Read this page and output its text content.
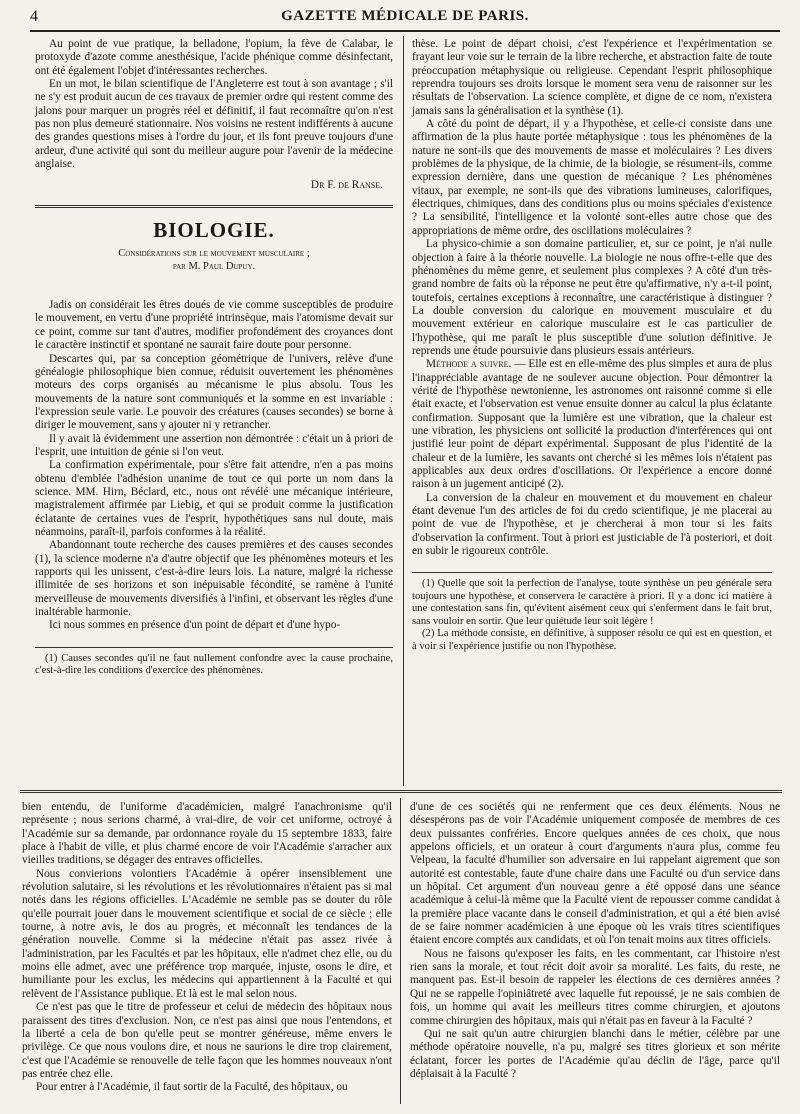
4	GAZETTE MÉDICALE DE PARIS.

Au point de vue pratique, la belladone, l'opium, la fève de Calabar, le protoxyde d'azote comme anesthésique, l'acide phénique comme désinfectant, ont été également l'objet d'intéressantes recherches.

En un mot, le bilan scientifique de l'Angleterre est tout à son avantage ; s'il ne s'y est produit aucun de ces travaux de premier ordre qui restent comme des jalons pour marquer un progrès réel et définitif, il faut reconnaître qu'on n'est pas non plus demeuré stationnaire. Nos voisins ne restent indifférents à aucune des grandes questions mises à l'ordre du jour, et ils font preuve toujours d'une ardeur, d'une activité qui sont du meilleur augure pour l'avenir de la médecine anglaise.

Dr F. de Ranse.
BIOLOGIE.
Considérations sur le mouvement musculaire ;
par M. Paul Dupuy.

Jadis on considérait les êtres doués de vie comme susceptibles de produire le mouvement, en vertu d'une propriété intrinsèque, mais l'atomisme devait sur ce point, comme sur tant d'autres, modifier profondément des croyances dont le caractère instinctif et spontané ne saurait faire doute pour personne.

Descartes qui, par sa conception géométrique de l'univers, relève d'une généalogie philosophique bien connue, réduisit ouvertement les phénomènes moteurs des corps organisés au mécanisme le plus absolu. Tous les mouvements de la nature sont communiqués et la somme en est invariable : l'expression seule varie. Le pouvoir des créatures (causes secondes) se borne à diriger le mouvement, sans y ajouter ni y retrancher.

Il y avait là évidemment une assertion non démontrée : c'était un à priori de l'esprit, une intuition de génie si l'on veut.

La confirmation expérimentale, pour s'être fait attendre, n'en a pas moins obtenu d'emblée l'adhésion unanime de tout ce qui porte un nom dans la science. MM. Hirn, Béclard, etc., nous ont révélé une mécanique intérieure, magistralement affirmée par Liebig, et qui se produit comme la justification éclatante de certaines vues de l'esprit, hypothétiques sans nul doute, mais néanmoins, paraît-il, parfois conformes à la réalité.

Abandonnant toute recherche des causes premières et des causes secondes (1), la science moderne n'a d'autre objectif que les phénomènes moteurs et les rapports qui les unissent, c'est-à-dire leurs lois. La nature, malgré la richesse illimitée de ses horizons et son inépuisable fécondité, se ramène à l'unité merveilleuse de mouvements diversifiés à l'infini, et observant les règles d'une inaltérable harmonie.

Ici nous sommes en présence d'un point de départ et d'une hypo-

(1) Causes secondes qu'il ne faut nullement confondre avec la cause prochaine, c'est-à-dire les conditions d'exercice des phénomènes.

thèse. Le point de départ choisi, c'est l'expérience et l'expérimentation se frayant leur voie sur le terrain de la libre recherche, et abstraction faite de toute préoccupation métaphysique ou religieuse. Cependant l'esprit philosophique reprendra toujours ses droits lorsque le moment sera venu de raisonner sur les résultats de l'observation. La science complète, et digne de ce nom, n'existera jamais sans la généralisation et la synthèse (1).

A côté du point de départ, il y a l'hypothèse, et celle-ci consiste dans une affirmation de la plus haute portée métaphysique : tous les phénomènes de la nature ne sont-ils que des mouvements de masse et moléculaires ? Les divers problèmes de la physique, de la chimie, de la biologie, se résument-ils, comme expression dernière, dans une question de mécanique ? Les phénomènes vitaux, par exemple, ne sont-ils que des vibrations lumineuses, calorifiques, électriques, chimiques, dans des conditions plus ou moins spéciales d'existence ? La sensibilité, l'intelligence et la volonté sont-elles autre chose que des appropriations de même ordre, des oscillations moléculaires ?

La physico-chimie a son domaine particulier, et, sur ce point, je n'ai nulle objection à faire à la théorie nouvelle. La biologie ne nous offre-t-elle que des phénomènes du même genre, et seulement plus complexes ? A côté d'un très-grand nombre de faits où la réponse ne peut être qu'affirmative, n'y a-t-il point, toutefois, certaines exceptions à reconnaître, une caractéristique à distinguer ? La double conversion du calorique en mouvement musculaire et du mouvement extérieur en calorique musculaire est le cas particulier de l'hypothèse, qui me paraît le plus susceptible d'une solution définitive. Je reprends une étude poursuivie dans plusieurs essais antérieurs.

Méthode a suivre. — Elle est en elle-même des plus simples et aura de plus l'inappréciable avantage de ne soulever aucune objection. Pour démontrer la vérité de l'hypothèse newtonienne, les astronomes ont raisonné comme si elle était exacte, et l'observation est venue ensuite donner au calcul la plus éclatante confirmation. Supposant que la lumière est une vibration, que la chaleur est une vibration, les physiciens ont sollicité la production d'interférences qui ont justifié leur point de départ expérimental. Supposant de plus l'identité de la chaleur et de la lumière, les savants ont cherché si les mêmes lois n'étaient pas applicables aux deux ordres d'oscillations. Or l'expérience a encore donné raison à un jugement anticipé (2).

La conversion de la chaleur en mouvement et du mouvement en chaleur étant devenue l'un des articles de foi du credo scientifique, je me placerai au point de vue de l'hypothèse, et je chercherai à mon tour si les faits d'observation la confirment. Tout à priori est justiciable de l'à posteriori, et doit en subir le rigoureux contrôle.

(1) Quelle que soit la perfection de l'analyse, toute synthèse un peu générale sera toujours une hypothèse, et conservera le caractère à priori. Il y a donc ici matière à une contestation sans fin, qu'évitent aisément ceux qui s'enferment dans le fait brut, sans vouloir en sortir. Que leur quiétude leur soit légère !

(2) La méthode consiste, en définitive, à supposer résolu ce qui est en question, et à voir si l'expérience justifie ou non l'hypothèse.

bien entendu, de l'uniforme d'académicien, malgré l'anachronisme qu'il représente ; nous serions charmé, à vrai-dire, de voir cet uniforme, octroyé à l'Académie sur sa demande, par ordonnance royale du 15 septembre 1833, faire place à l'habit de ville, et plus charmé encore de voir l'Académie s'arracher aux vieilles traditions, se dégager des entraves officielles.

Nous convierions volontiers l'Académie à opérer insensiblement une révolution salutaire, si les révolutions et les révolutionnaires n'étaient pas si mal notés dans les régions officielles. L'Académie ne semble pas se douter du rôle qu'elle pourrait jouer dans le mouvement scientifique et social de ce siècle ; elle tourne, à notre avis, le dos au progrès, et méconnaît les tendances de la génération nouvelle. Comme si la médecine n'était pas assez rivée à l'administration, par les Facultés et par les hôpitaux, elle n'admet chez elle, ou du moins elle admet, avec une préférence trop marquée, injuste, osons le dire, et humiliante pour les exclus, les médecins qui appartiennent à la Faculté et qui relèvent de l'Assistance publique. Et là est le mal selon nous.

Ce n'est pas que le titre de professeur et celui de médecin des hôpitaux nous paraissent des titres d'exclusion. Non, ce n'est pas ainsi que nous l'entendons, et la liberté a cela de bon qu'elle peut se montrer généreuse, même envers le privilège. Ce que nous voulons dire, et nous ne saurions le dire trop clairement, c'est que l'Académie se renouvelle de telle façon que les hommes nouveaux n'ont pas entrée chez elle.

Pour entrer à l'Académie, il faut sortir de la Faculté, des hôpitaux, ou

d'une de ces sociétés qui ne renferment que ces deux éléments. Nous ne désespérons pas de voir l'Académie uniquement composée de membres de ces deux puissantes confréries. Encore quelques années de ces choix, que nous appelons officiels, et un orateur à court d'arguments n'aura plus, comme feu Velpeau, la faculté d'humilier son adversaire en lui rappelant aigrement que son autorité est contestable, faute d'une chaire dans une Faculté ou d'un service dans un hôpital. Cet argument d'un nouveau genre a été opposé dans une séance académique à celui-là même que la Faculté vient de repousser comme candidat à la première place vacante dans le conseil d'administration, et qui a été bien avisé de se faire nommer académicien à une époque où les vrais titres scientifiques étaient encore comptés aux candidats, et où l'on tenait moins aux titres officiels.

Nous ne faisons qu'exposer les faits, en les commentant, car l'histoire n'est rien sans la morale, et tout récit doit avoir sa moralité. Les faits, du reste, ne manquent pas. Est-il besoin de rappeler les élections de ces dernières années ? Qui ne se rappelle l'opiniâtreté avec laquelle fut repoussé, je ne sais combien de fois, un homme qui avait les meilleurs titres comme chirurgien, et ajoutons comme chirurgien des hôpitaux, mais qui n'était pas en faveur à la Faculté ?

Qui ne sait qu'un autre chirurgien blanchi dans le métier, célèbre par une méthode opératoire nouvelle, n'a pu, malgré ses titres glorieux et son mérite éclatant, forcer les portes de l'Académie qu'au déclin de l'âge, parce qu'il déplaisait à la Faculté ?
